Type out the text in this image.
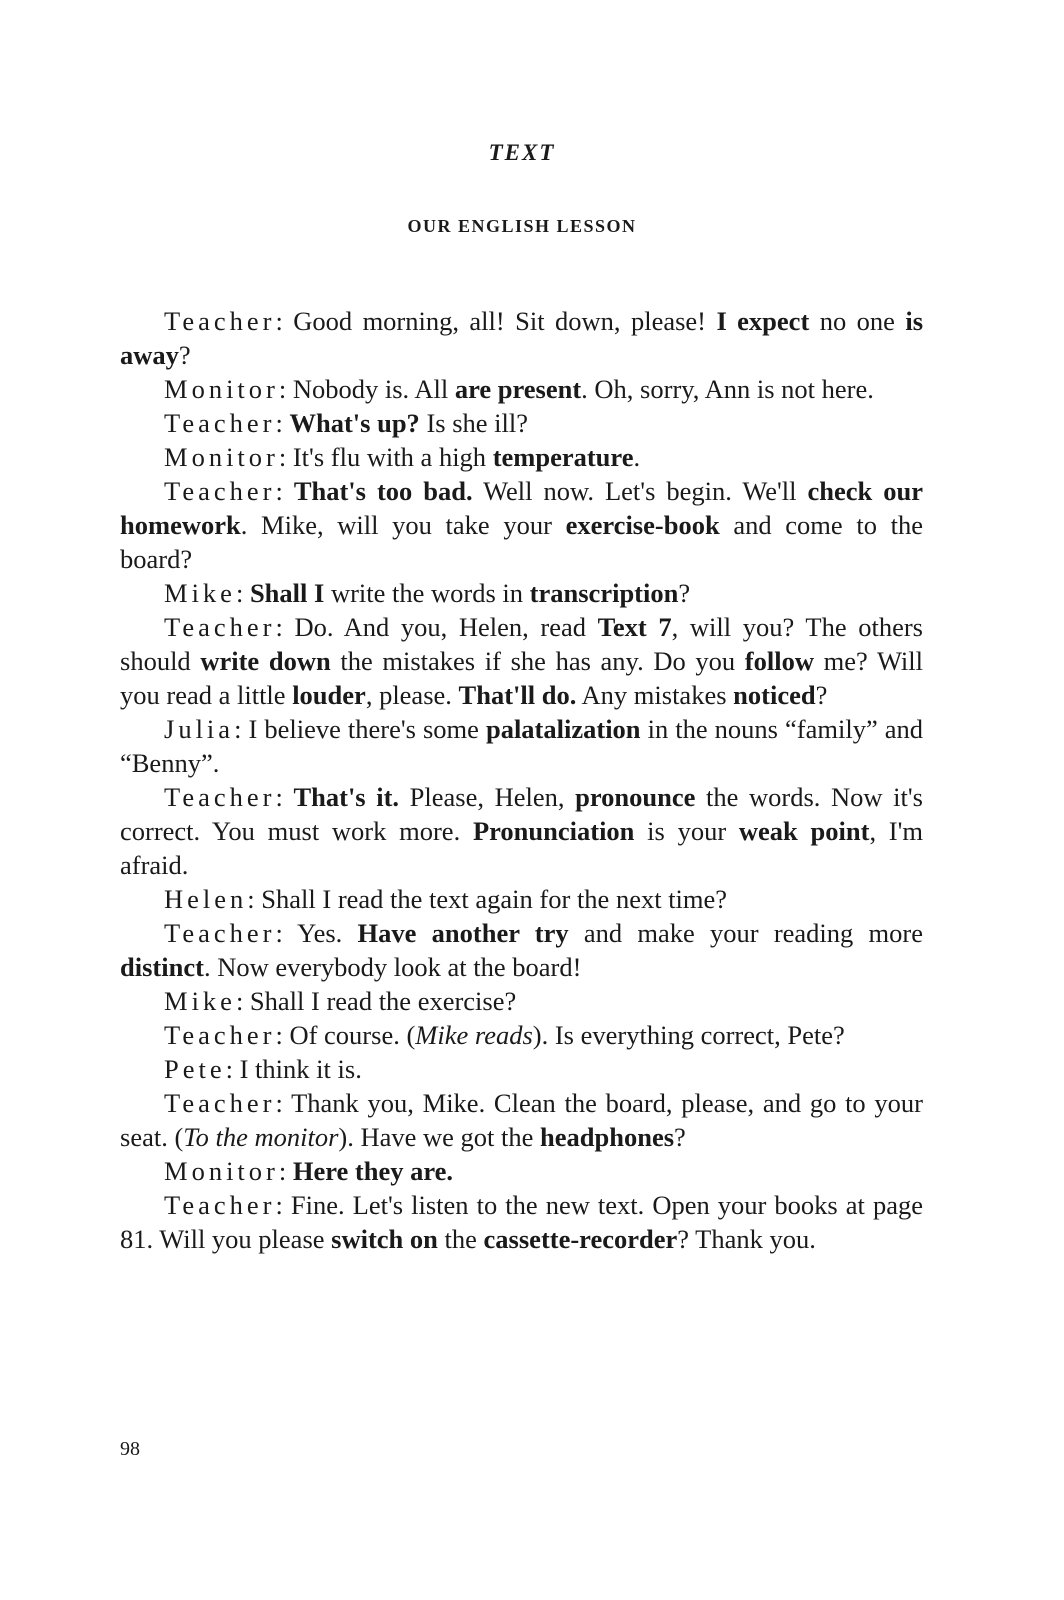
TEXT
OUR ENGLISH LESSON

Teacher: Good morning, all! Sit down, please! I expect no one is away?

Monitor: Nobody is. All are present. Oh, sorry, Ann is not here.

Teacher: What's up? Is she ill?

Monitor: It's flu with a high temperature.

Teacher: That's too bad. Well now. Let's begin. We'll check our homework. Mike, will you take your exercise-book and come to the board?

Mike: Shall I write the words in transcription?

Teacher: Do. And you, Helen, read Text 7, will you? The others should write down the mistakes if she has any. Do you follow me? Will you read a little louder, please. That'll do. Any mistakes noticed?

Julia: I believe there's some palatalization in the nouns “family” and “Benny”.

Teacher: That's it. Please, Helen, pronounce the words. Now it's correct. You must work more. Pronunciation is your weak point, I'm afraid.

Helen: Shall I read the text again for the next time?

Teacher: Yes. Have another try and make your reading more distinct. Now everybody look at the board!

Mike: Shall I read the exercise?

Teacher: Of course. (Mike reads). Is everything correct, Pete?

Pete: I think it is.

Teacher: Thank you, Mike. Clean the board, please, and go to your seat. (To the monitor). Have we got the headphones?

Monitor: Here they are.

Teacher: Fine. Let's listen to the new text. Open your books at page 81. Will you please switch on the cassette-recorder? Thank you.

98
